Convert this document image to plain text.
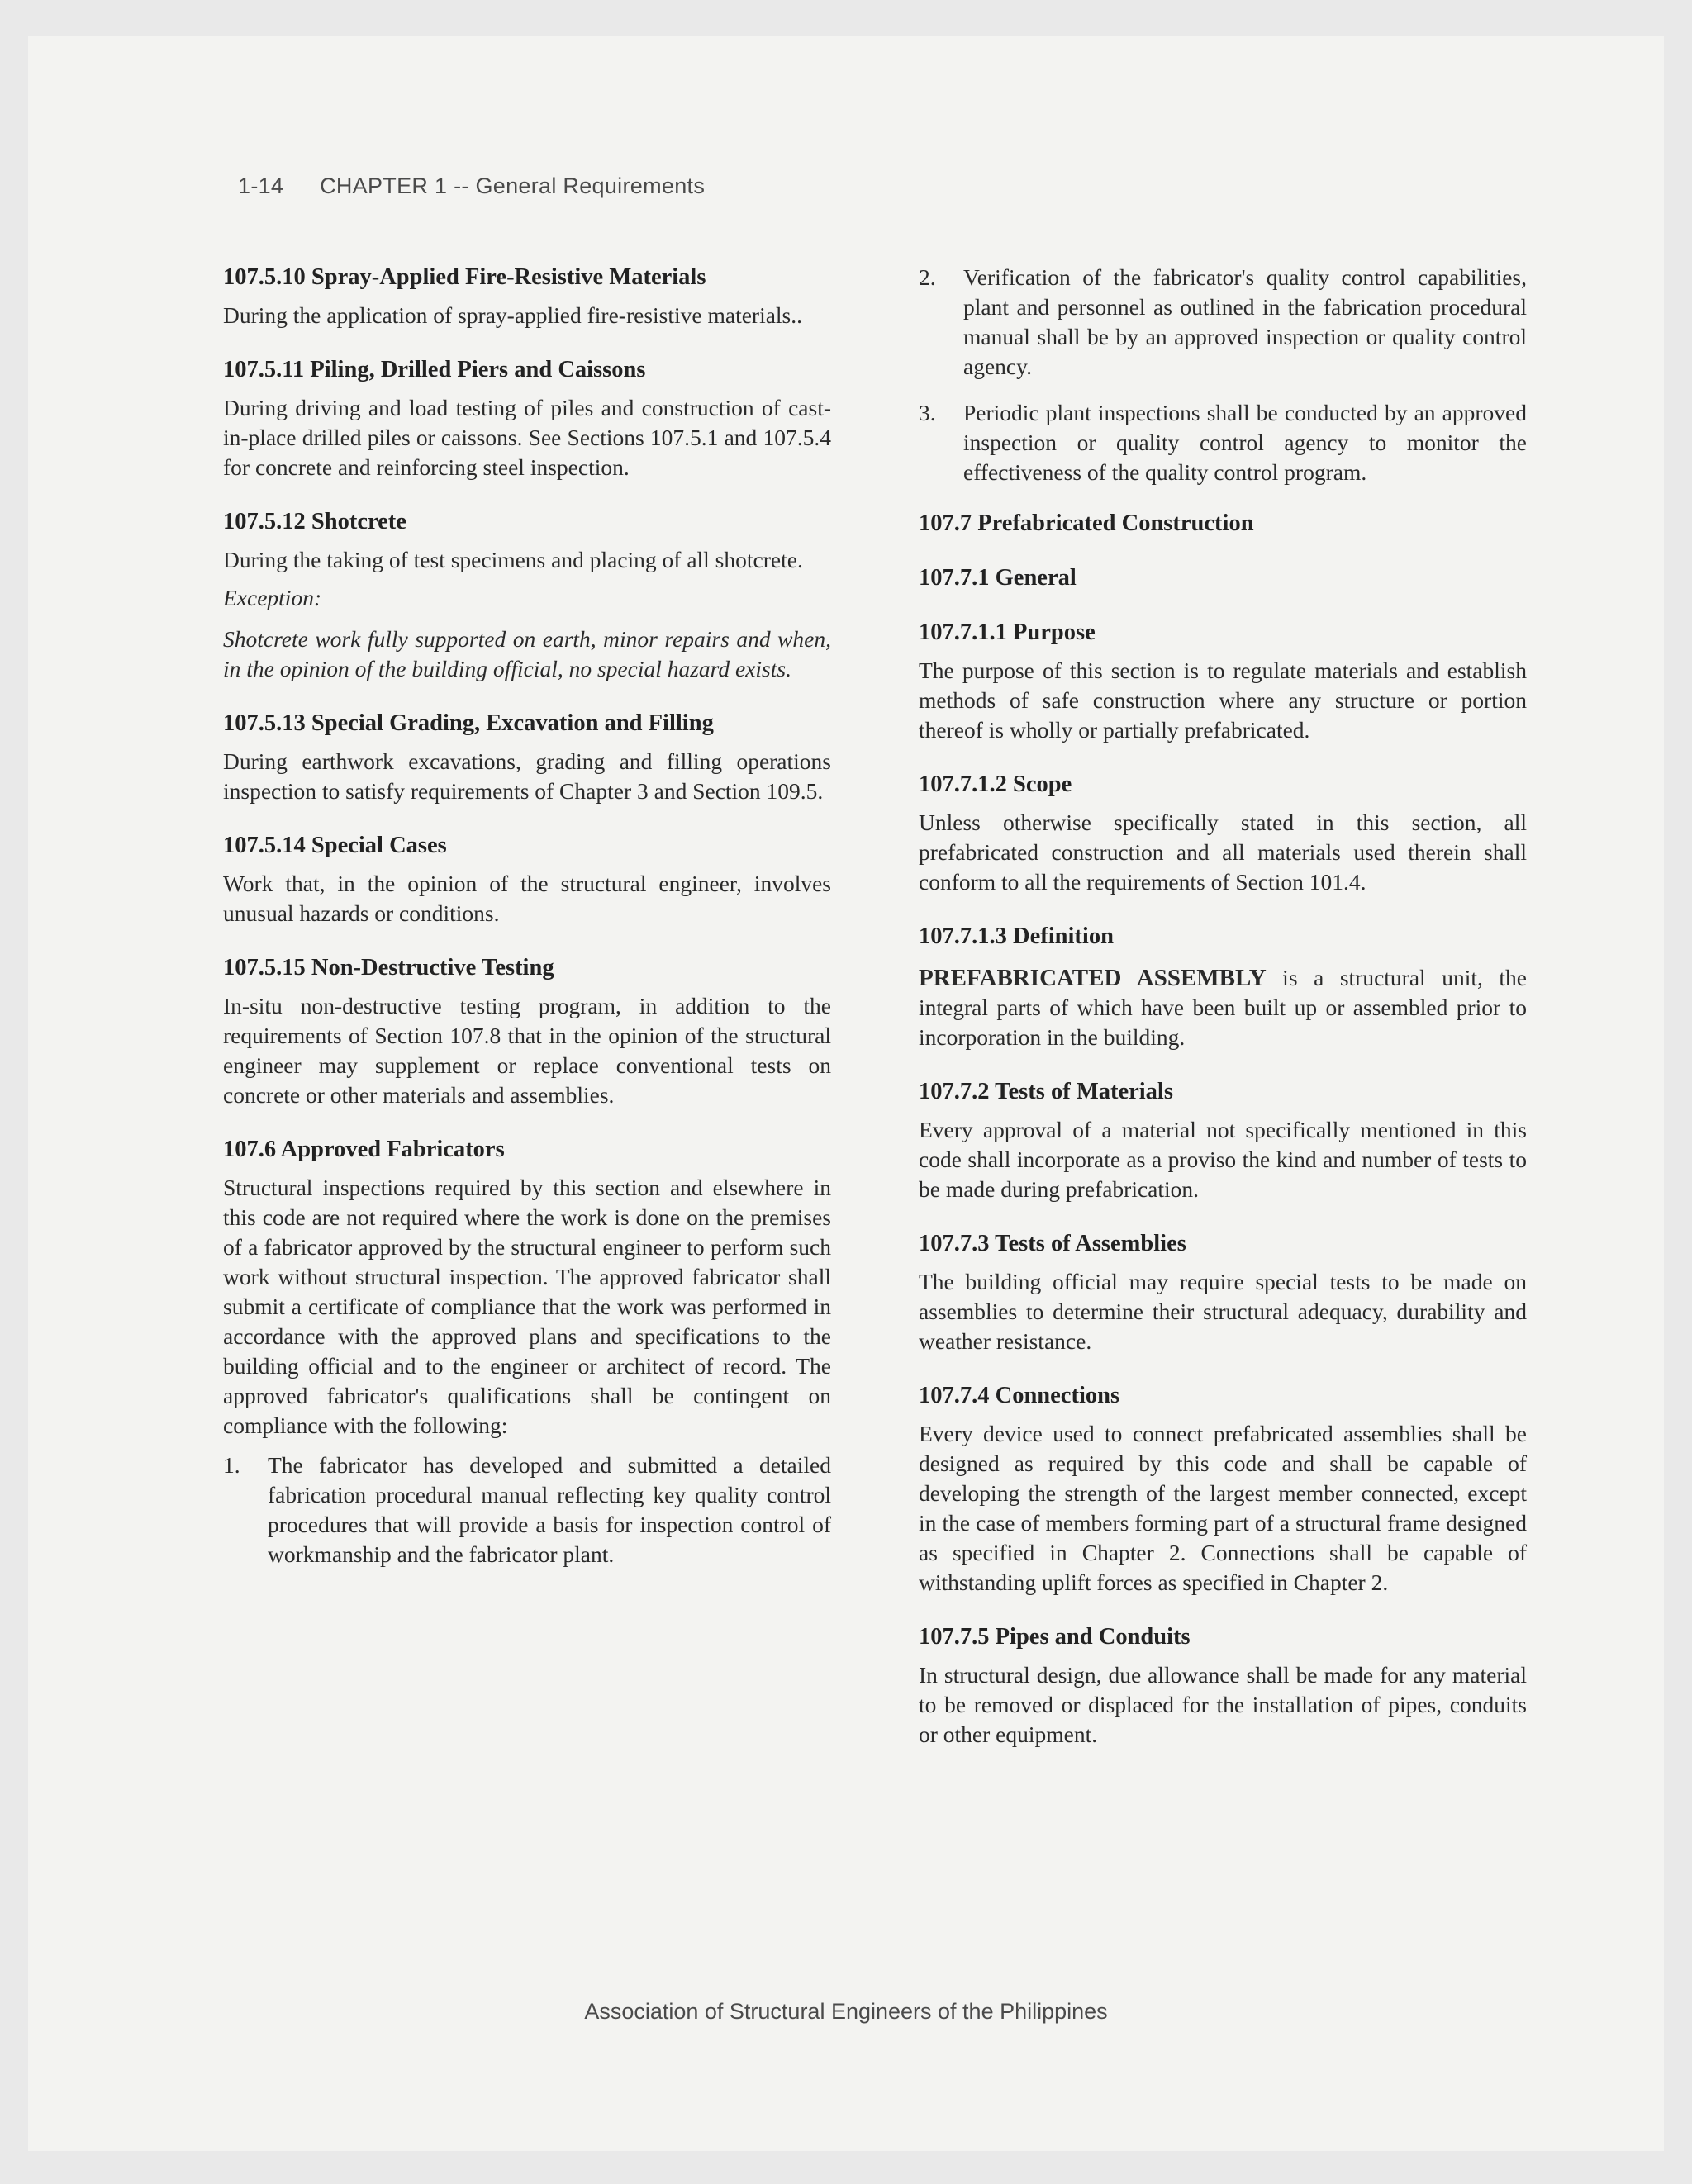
1-14 CHAPTER 1 -- General Requirements
107.5.10 Spray-Applied Fire-Resistive Materials

During the application of spray-applied fire-resistive materials..

107.5.11 Piling, Drilled Piers and Caissons

During driving and load testing of piles and construction of cast-in-place drilled piles or caissons. See Sections 107.5.1 and 107.5.4 for concrete and reinforcing steel inspection.

107.5.12 Shotcrete

During the taking of test specimens and placing of all shotcrete.

Exception:

Shotcrete work fully supported on earth, minor repairs and when, in the opinion of the building official, no special hazard exists.

107.5.13 Special Grading, Excavation and Filling

During earthwork excavations, grading and filling operations inspection to satisfy requirements of Chapter 3 and Section 109.5.

107.5.14 Special Cases

Work that, in the opinion of the structural engineer, involves unusual hazards or conditions.

107.5.15 Non-Destructive Testing

In-situ non-destructive testing program, in addition to the requirements of Section 107.8 that in the opinion of the structural engineer may supplement or replace conventional tests on concrete or other materials and assemblies.

107.6 Approved Fabricators

Structural inspections required by this section and elsewhere in this code are not required where the work is done on the premises of a fabricator approved by the structural engineer to perform such work without structural inspection. The approved fabricator shall submit a certificate of compliance that the work was performed in accordance with the approved plans and specifications to the building official and to the engineer or architect of record. The approved fabricator's qualifications shall be contingent on compliance with the following:

1.	The fabricator has developed and submitted a detailed fabrication procedural manual reflecting key quality control procedures that will provide a basis for inspection control of workmanship and the fabricator plant.
2.	Verification of the fabricator's quality control capabilities, plant and personnel as outlined in the fabrication procedural manual shall be by an approved inspection or quality control agency.
3.	Periodic plant inspections shall be conducted by an approved inspection or quality control agency to monitor the effectiveness of the quality control program.
107.7 Prefabricated Construction
107.7.1 General
107.7.1.1 Purpose

The purpose of this section is to regulate materials and establish methods of safe construction where any structure or portion thereof is wholly or partially prefabricated.

107.7.1.2 Scope

Unless otherwise specifically stated in this section, all prefabricated construction and all materials used therein shall conform to all the requirements of Section 101.4.

107.7.1.3 Definition

PREFABRICATED ASSEMBLY is a structural unit, the integral parts of which have been built up or assembled prior to incorporation in the building.

107.7.2 Tests of Materials

Every approval of a material not specifically mentioned in this code shall incorporate as a proviso the kind and number of tests to be made during prefabrication.

107.7.3 Tests of Assemblies

The building official may require special tests to be made on assemblies to determine their structural adequacy, durability and weather resistance.

107.7.4 Connections

Every device used to connect prefabricated assemblies shall be designed as required by this code and shall be capable of developing the strength of the largest member connected, except in the case of members forming part of a structural frame designed as specified in Chapter 2. Connections shall be capable of withstanding uplift forces as specified in Chapter 2.

107.7.5 Pipes and Conduits

In structural design, due allowance shall be made for any material to be removed or displaced for the installation of pipes, conduits or other equipment.

Association of Structural Engineers of the Philippines
